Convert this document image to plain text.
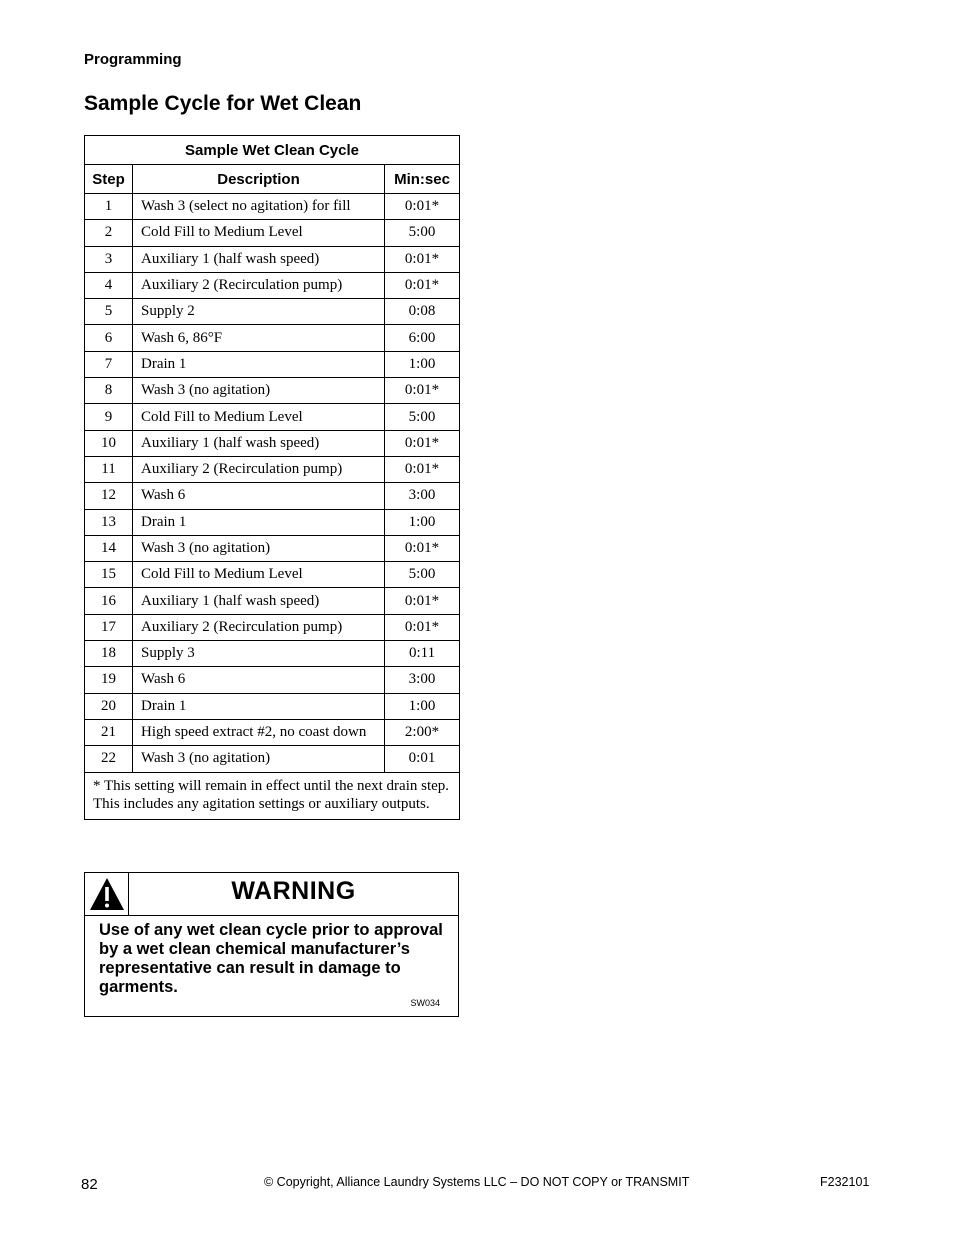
Programming
Sample Cycle for Wet Clean
Sample Wet Clean Cycle		
Step	Description	Min:sec
1	Wash 3 (select no agitation) for fill	0:01*
2	Cold Fill to Medium Level	5:00
3	Auxiliary 1 (half wash speed)	0:01*
4	Auxiliary 2 (Recirculation pump)	0:01*
5	Supply 2	0:08
6	Wash 6, 86°F	6:00
7	Drain 1	1:00
8	Wash 3 (no agitation)	0:01*
9	Cold Fill to Medium Level	5:00
10	Auxiliary 1 (half wash speed)	0:01*
11	Auxiliary 2 (Recirculation pump)	0:01*
12	Wash 6	3:00
13	Drain 1	1:00
14	Wash 3 (no agitation)	0:01*
15	Cold Fill to Medium Level	5:00
16	Auxiliary 1 (half wash speed)	0:01*
17	Auxiliary 2 (Recirculation pump)	0:01*
18	Supply 3	0:11
19	Wash 6	3:00
20	Drain 1	1:00
21	High speed extract #2, no coast down	2:00*
22	Wash 3 (no agitation)	0:01
* This setting will remain in effect until the next drain step. This includes any agitation settings or auxiliary outputs.		
WARNING
Use of any wet clean cycle prior to approval by a wet clean chemical manufacturer’s representative can result in damage to garments.
SW034
82	© Copyright, Alliance Laundry Systems LLC – DO NOT COPY or TRANSMIT	F232101
